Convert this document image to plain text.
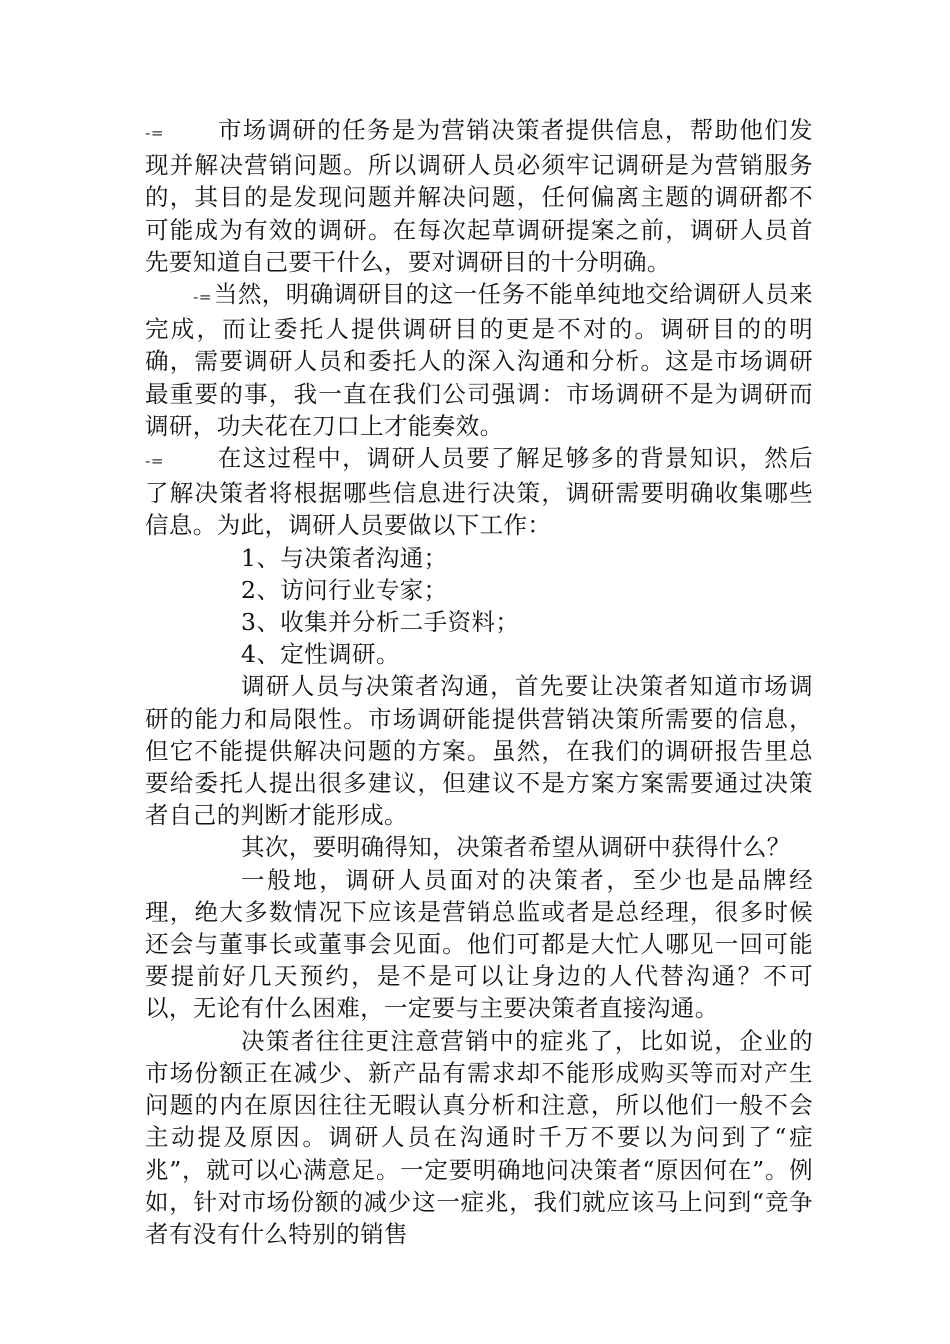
-= 市场调研的任务是为营销决策者提供信息，帮助他们发现并解决营销问题。所以调研人员必须牢记调研是为营销服务的，其目的是发现问题并解决问题，任何偏离主题的调研都不可能成为有效的调研。在每次起草调研提案之前，调研人员首先要知道自己要干什么，要对调研目的十分明确。

-=当然，明确调研目的这一任务不能单纯地交给调研人员来完成，而让委托人提供调研目的更是不对的。调研目的的明确，需要调研人员和委托人的深入沟通和分析。这是市场调研最重要的事，我一直在我们公司强调：市场调研不是为调研而调研，功夫花在刀口上才能奏效。

-= 在这过程中，调研人员要了解足够多的背景知识，然后了解决策者将根据哪些信息进行决策，调研需要明确收集哪些信息。为此，调研人员要做以下工作：

1、与决策者沟通；

2、访问行业专家；

3、收集并分析二手资料；

4、定性调研。

调研人员与决策者沟通，首先要让决策者知道市场调研的能力和局限性。市场调研能提供营销决策所需要的信息，但它不能提供解决问题的方案。虽然，在我们的调研报告里总要给委托人提出很多建议，但建议不是方案方案需要通过决策者自己的判断才能形成。

其次，要明确得知，决策者希望从调研中获得什么？

一般地，调研人员面对的决策者，至少也是品牌经理，绝大多数情况下应该是营销总监或者是总经理，很多时候还会与董事长或董事会见面。他们可都是大忙人哪见一回可能要提前好几天预约，是不是可以让身边的人代替沟通？不可以，无论有什么困难，一定要与主要决策者直接沟通。

决策者往往更注意营销中的症兆了，比如说，企业的市场份额正在减少、新产品有需求却不能形成购买等而对产生问题的内在原因往往无暇认真分析和注意，所以他们一般不会主动提及原因。调研人员在沟通时千万不要以为问到了“症兆”，就可以心满意足。一定要明确地问决策者“原因何在”。例如，针对市场份额的减少这一症兆，我们就应该马上问到“竞争者有没有什么特别的销售
